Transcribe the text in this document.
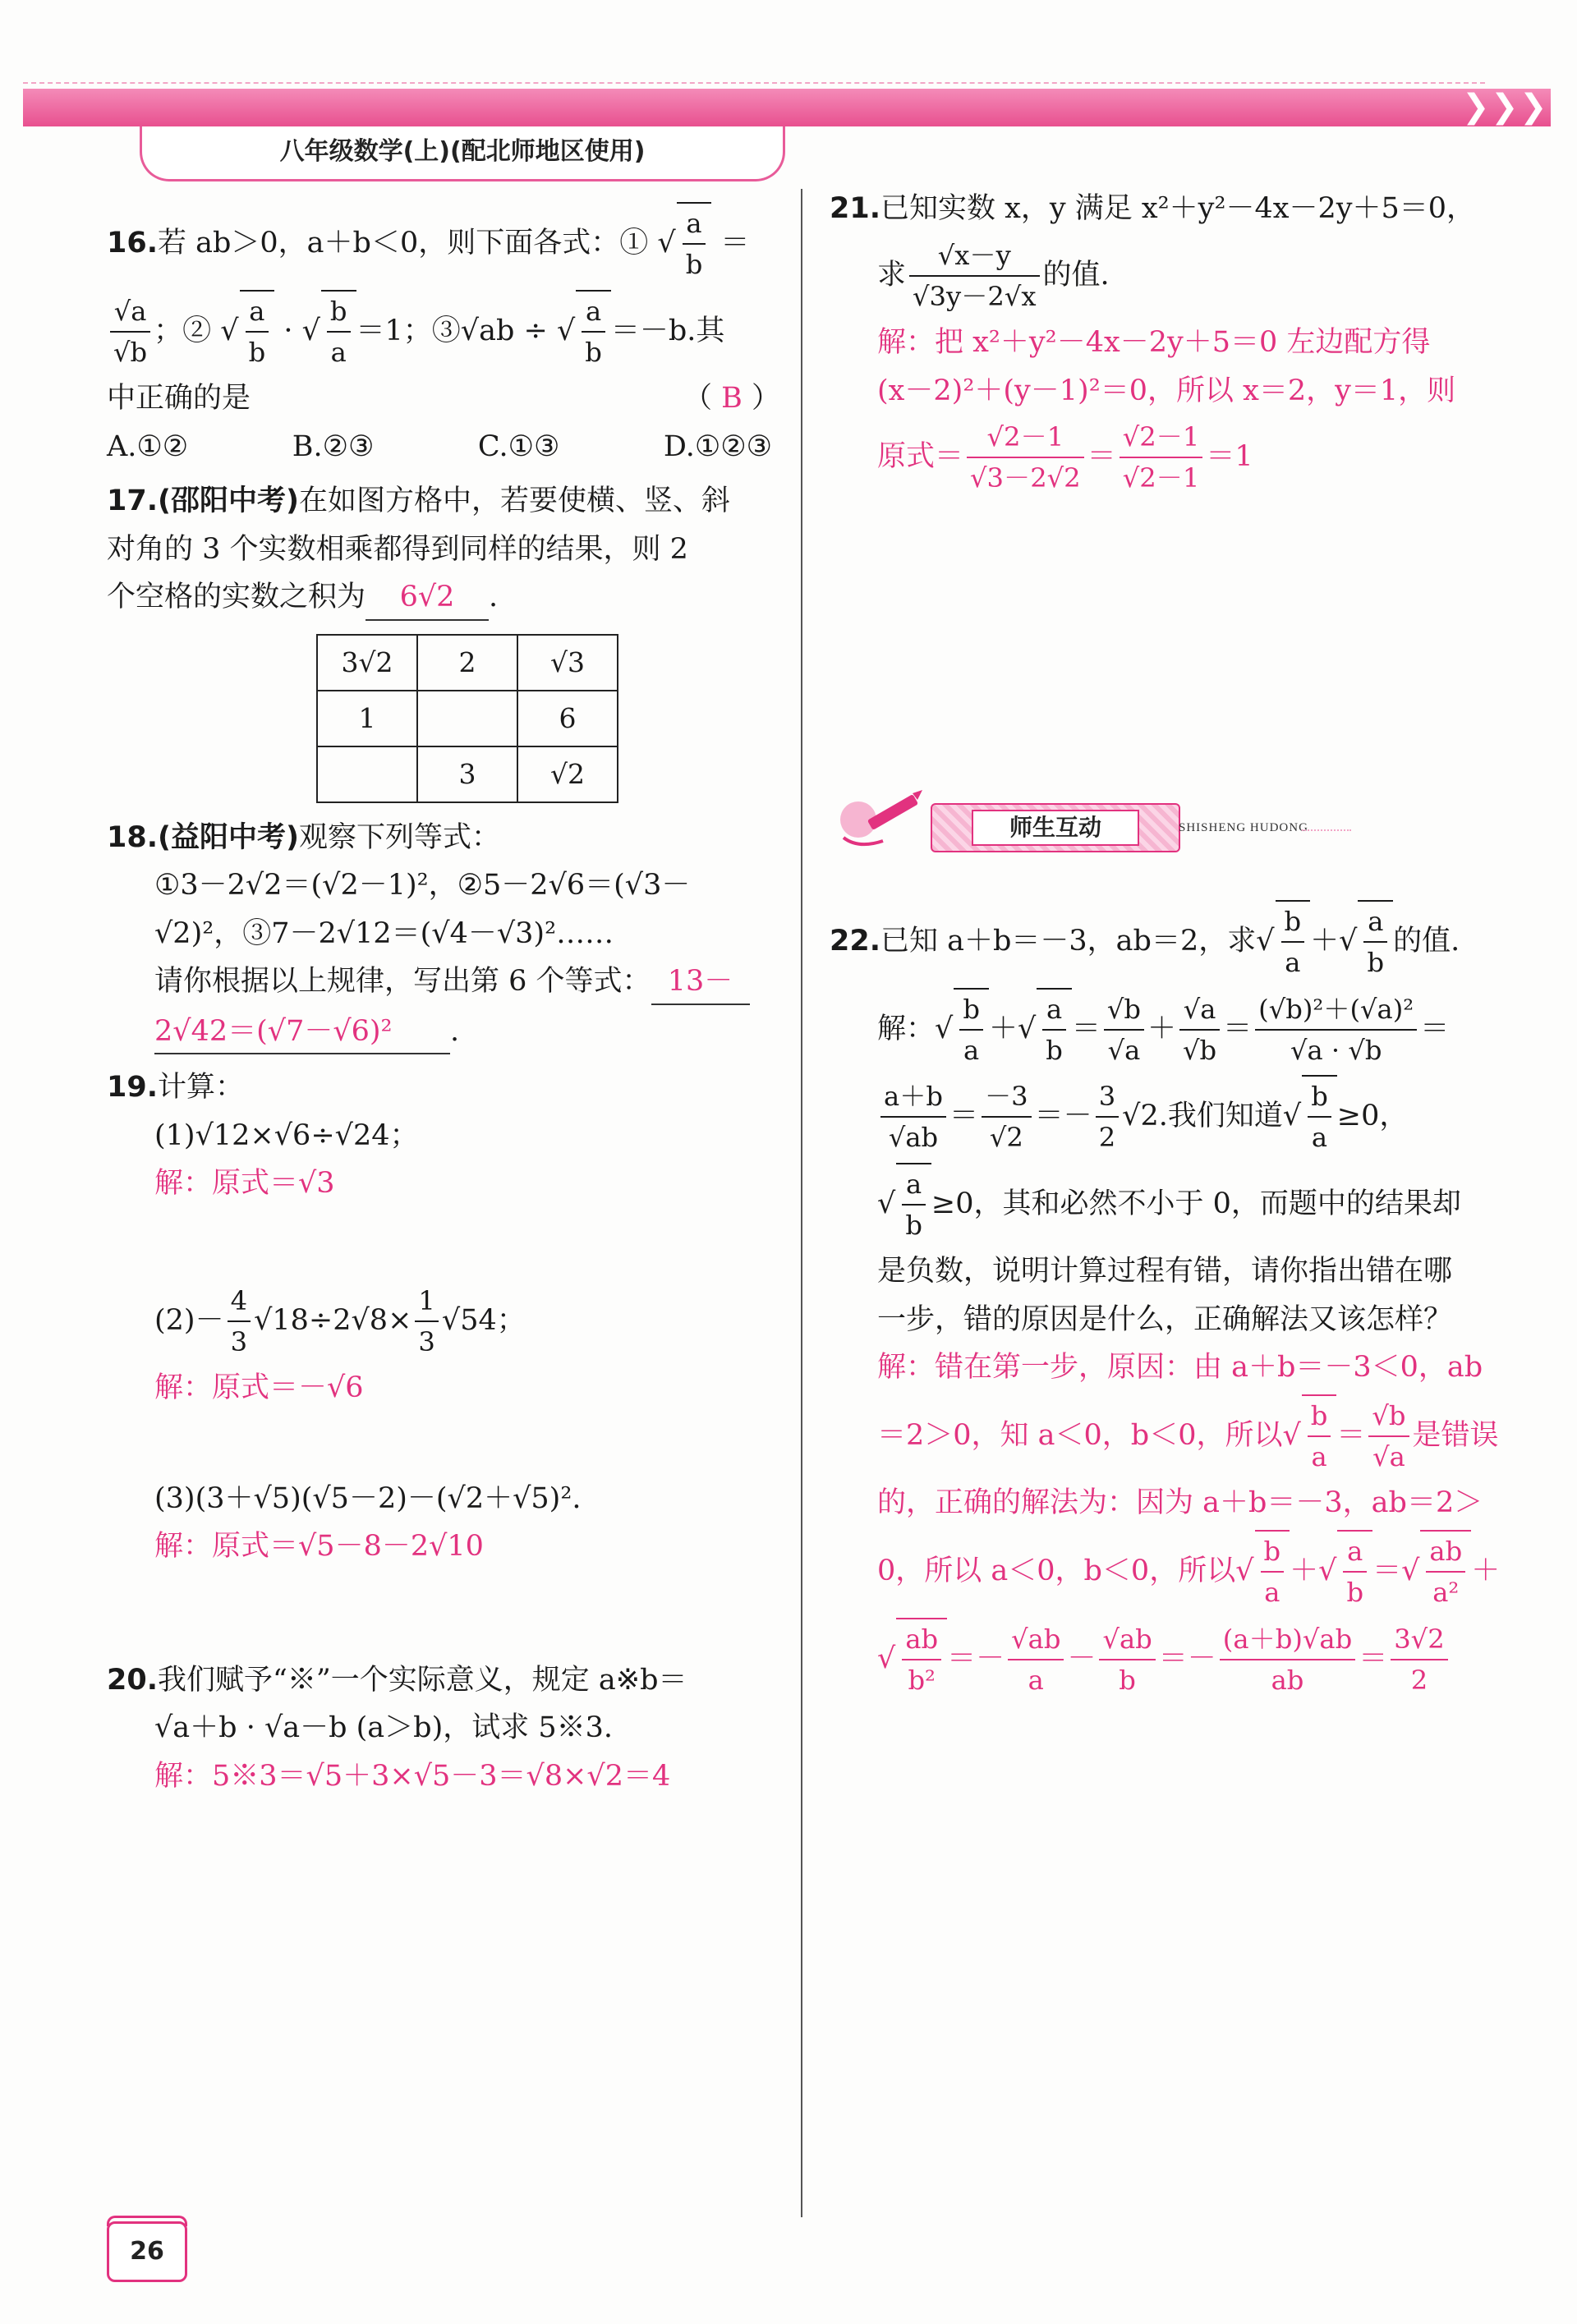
❯ ❯ ❯
八年级数学(上)(配北师地区使用)
16.若 ab＞0，a＋b＜0，则下面各式：① √ $\frac{a}{b}$ ＝
$\frac{√a}{√b}$ ；② √ $\frac{a}{b}$ · √ $\frac{b}{a} =1$；③√ab ÷ √ $\frac{a}{b} =-b$.其
中正确的是	（ B ）
A.①②	B.②③	C.①③	D.①②③
17.(邵阳中考)在如图方格中，若要使横、竖、斜
对角的 3 个实数相乘都得到同样的结果，则 2
个空格的实数之积为 6√2 .
3√2	2	√3
1		6
	3	√2
18.(益阳中考)观察下列等式：
①3－2√2＝(√2－1)²，②5－2√6＝(√3－
√2)²，③7－2√12＝(√4－√3)²……
请你根据以上规律，写出第 6 个等式： 13－
2√42＝(√7－√6)² .
19.计算：
(1)√12×√6÷√24；
解：原式＝√3
$(2)- \frac{4}{3} √18\div 2√8\times \frac{1}{3} √54$；
解：原式＝－√6
(3)(3＋√5)(√5－2)－(√2＋√5)².
解：原式＝√5－8－2√10
20.我们赋予“※”一个实际意义，规定 a※b＝
√a＋b · √a－b (a＞b)，试求 5※3.
解：5※3＝√5＋3×√5－3＝√8×√2＝4
21.已知实数 x，y 满足 x²＋y²－4x－2y＋5＝0，
求 $\frac{√x-y}{√3y-2√x}$ 的值.
解：把 x²＋y²－4x－2y＋5＝0 左边配方得
(x－2)²＋(y－1)²＝0，所以 x＝2，y＝1，则
原式＝ $\frac{√2-1}{√3-2√2} = \frac{√2-1}{√2-1} =1$
师生互动	SHISHENG HUDONG
22.已知 a＋b＝－3，ab＝2，求√ $\frac{b}{a}$ ＋√ $\frac{a}{b}$ 的值.
解：√ $\frac{b}{a}$ ＋√ $\frac{a}{b} = \frac{√b}{√a} + \frac{√a}{√b} = \frac{\text{(√b)²＋(√a)²}}{√a \cdot √b}$ ＝
$\frac{a+b}{√ab} = \frac{-3}{√2} =- \frac{3}{2} √2$.我们知道√ $\frac{b}{a} \ge 0$，
√ $\frac{a}{b} \ge 0$，其和必然不小于 0，而题中的结果却
是负数，说明计算过程有错，请你指出错在哪
一步，错的原因是什么，正确解法又该怎样？
解：错在第一步，原因：由 a＋b＝－3＜0，ab
＝2＞0，知 a＜0，b＜0，所以√ $\frac{b}{a} = \frac{√b}{√a}$ 是错误
的，正确的解法为：因为 a＋b＝－3，ab＝2＞
0，所以 a＜0，b＜0，所以√ $\frac{b}{a}$ ＋√ $\frac{a}{b}$ ＝√ $\frac{ab}{\text{a²}}$ ＋
√ $\frac{ab}{\text{b²}} =- \frac{√ab}{a} - \frac{√ab}{b} =- \frac{(a+b)√ab}{ab} = \frac{3√2}{2}$
26
